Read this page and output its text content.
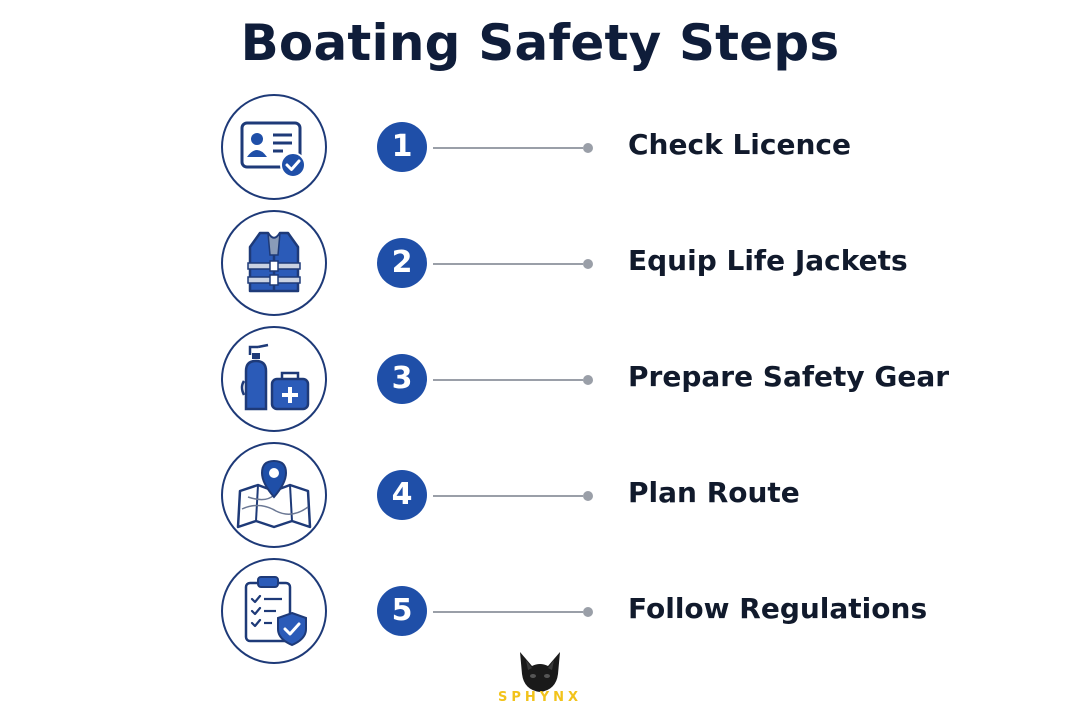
Boating Safety Steps
1	Check Licence
2	Equip Life Jackets
3	Prepare Safety Gear
4	Plan Route
5	Follow Regulations
SPHYNX
